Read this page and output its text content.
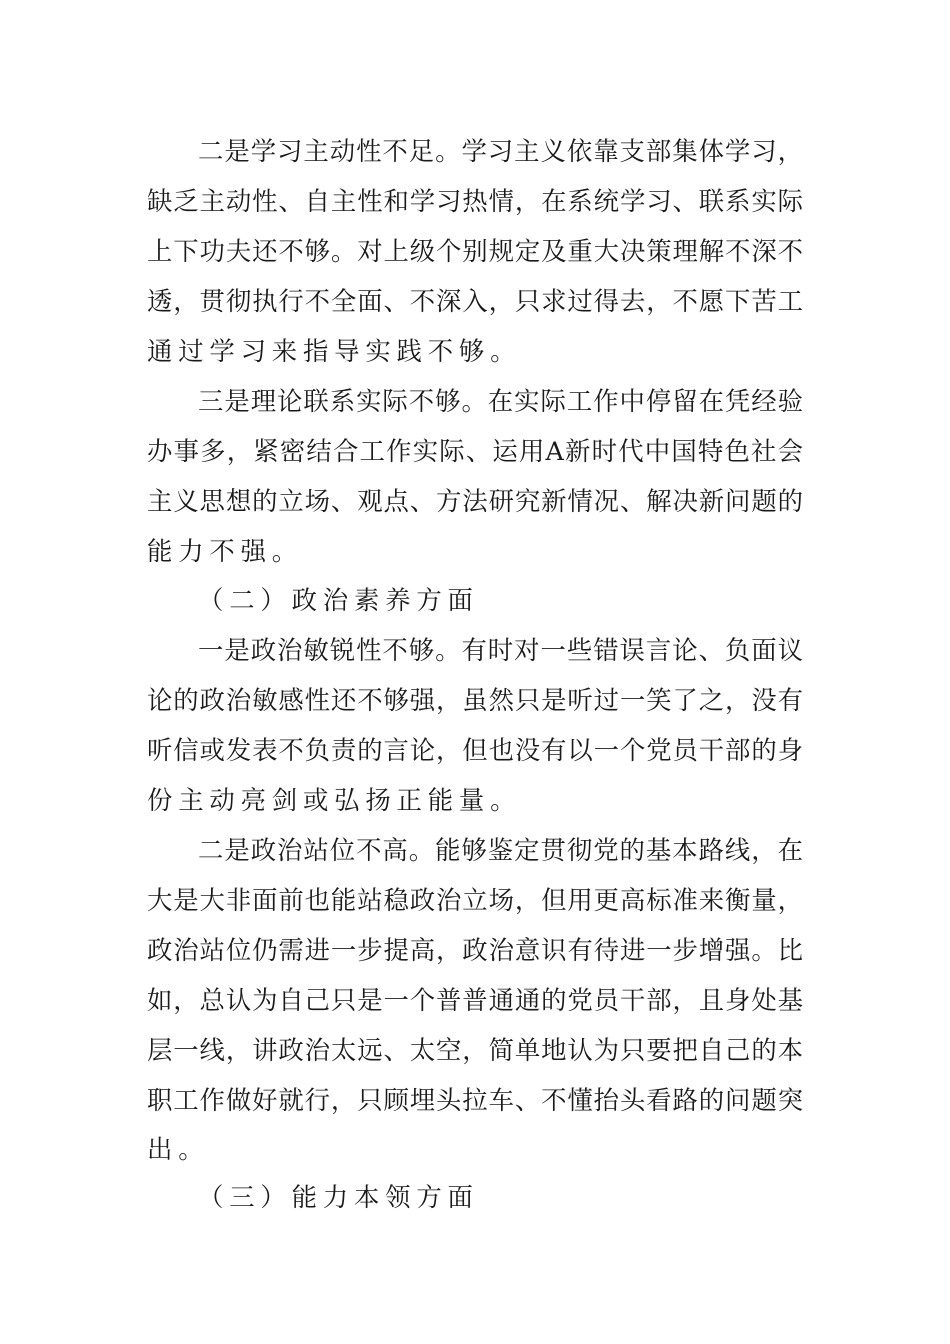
二是学习主动性不足。学习主义依靠支部集体学习，
缺乏主动性、自主性和学习热情，在系统学习、联系实际
上下功夫还不够。对上级个别规定及重大决策理解不深不
透，贯彻执行不全面、不深入，只求过得去，不愿下苦工
通过学习来指导实践不够。
三是理论联系实际不够。在实际工作中停留在凭经验
办事多，紧密结合工作实际、运用A新时代中国特色社会
主义思想的立场、观点、方法研究新情况、解决新问题的
能力不强。
（二）政治素养方面
一是政治敏锐性不够。有时对一些错误言论、负面议
论的政治敏感性还不够强，虽然只是听过一笑了之，没有
听信或发表不负责的言论，但也没有以一个党员干部的身
份主动亮剑或弘扬正能量。
二是政治站位不高。能够鉴定贯彻党的基本路线，在
大是大非面前也能站稳政治立场，但用更高标准来衡量，
政治站位仍需进一步提高，政治意识有待进一步增强。比
如，总认为自己只是一个普普通通的党员干部，且身处基
层一线，讲政治太远、太空，简单地认为只要把自己的本
职工作做好就行，只顾埋头拉车、不懂抬头看路的问题突
出。
（三）能力本领方面
